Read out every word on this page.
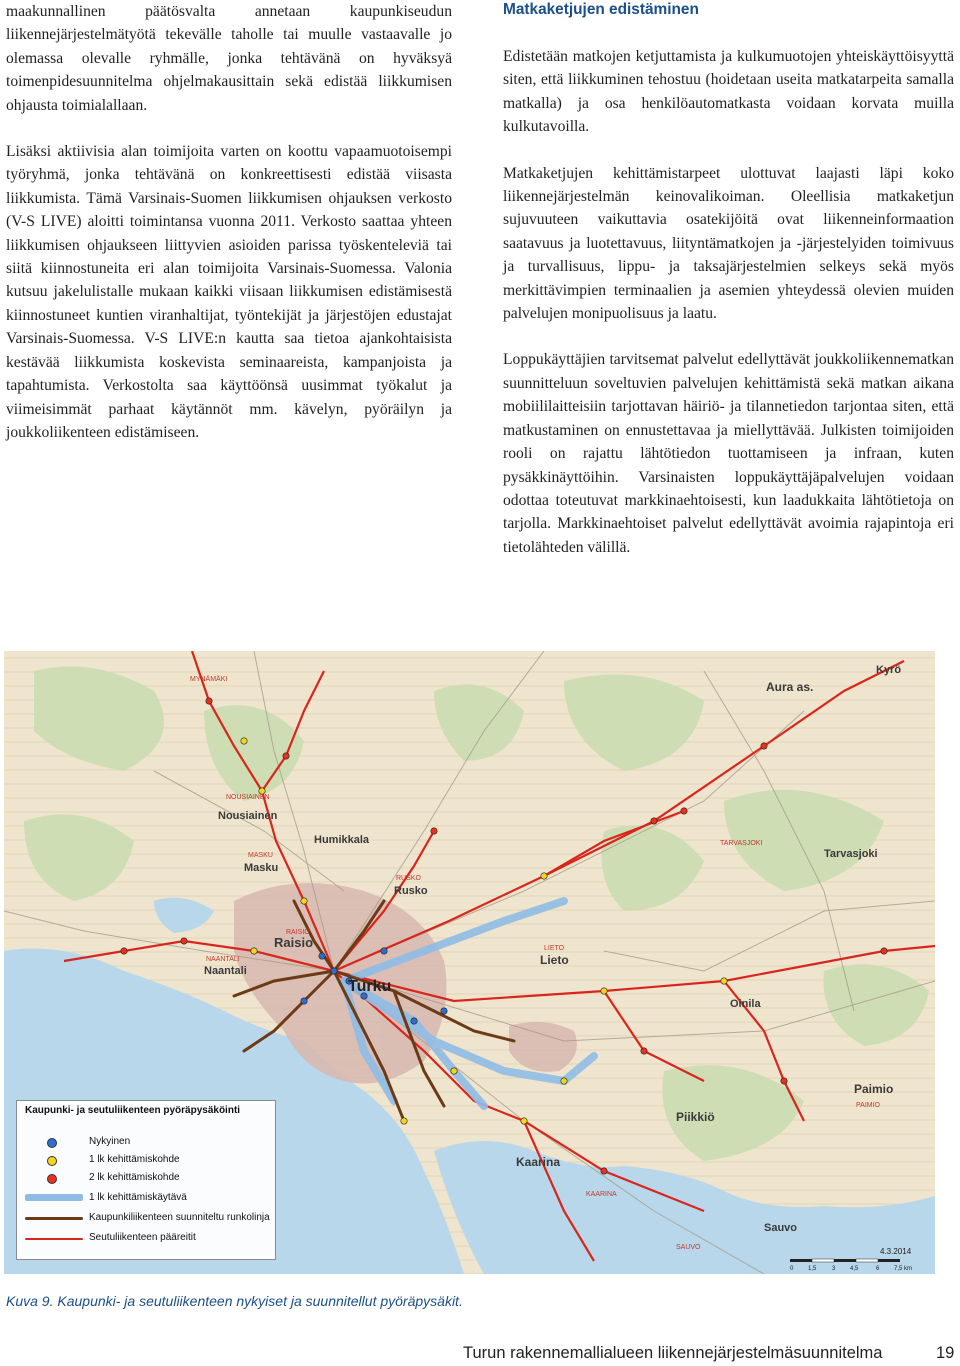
maakunnallinen päätösvalta annetaan kaupunkiseudun liikennejärjestelmätyötä tekevälle taholle tai muulle vastaavalle jo olemassa olevalle ryhmälle, jonka tehtävänä on hyväksyä toimenpidesuunnitelma ohjelmakausittain sekä edistää liikkumisen ohjausta toimialallaan.

Lisäksi aktiivisia alan toimijoita varten on koottu vapaamuotoisempi työryhmä, jonka tehtävänä on konkreettisesti edistää viisasta liikkumista. Tämä Varsinais-Suomen liikkumisen ohjauksen verkosto (V-S LIVE) aloitti toimintansa vuonna 2011. Verkosto saattaa yhteen liikkumisen ohjaukseen liittyvien asioiden parissa työskenteleviä tai siitä kiinnostuneita eri alan toimijoita Varsinais-Suomessa. Valonia kutsuu jakelulistalle mukaan kaikki viisaan liikkumisen edistämisestä kiinnostuneet kuntien viranhaltijat, työntekijät ja järjestöjen edustajat Varsinais-Suomessa. V-S LIVE:n kautta saa tietoa ajankohtaisista kestävää liikkumista koskevista seminaareista, kampanjoista ja tapahtumista. Verkostolta saa käyttöönsä uusimmat työkalut ja viimeisimmät parhaat käytännöt mm. kävelyn, pyöräilyn ja joukkoliikenteen edistämiseen.

Matkaketjujen edistäminen

Edistetään matkojen ketjuttamista ja kulkumuotojen yhteiskäyttöisyyttä siten, että liikkuminen tehostuu (hoidetaan useita matkatarpeita samalla matkalla) ja osa henkilöautomatkasta voidaan korvata muilla kulkutavoilla.

Matkaketjujen kehittämistarpeet ulottuvat laajasti läpi koko liikennejärjestelmän keinovalikoiman. Oleellisia matkaketjun sujuvuuteen vaikuttavia osatekijöitä ovat liikenneinformaation saatavuus ja luotettavuus, liityntämatkojen ja -järjestelyiden toimivuus ja turvallisuus, lippu- ja taksajärjestelmien selkeys sekä myös merkittävimpien terminaalien ja asemien yhteydessä olevien muiden palvelujen monipuolisuus ja laatu.

Loppukäyttäjien tarvitsemat palvelut edellyttävät joukkoliikennematkan suunnitteluun soveltuvien palvelujen kehittämistä sekä matkan aikana mobiililaitteisiin tarjottavan häiriö- ja tilannetiedon tarjontaa siten, että matkustaminen on ennustettavaa ja miellyttävää. Julkisten toimijoiden rooli on rajattu lähtötiedon tuottamiseen ja infraan, kuten pysäkkinäyttöihin. Varsinaisten loppukäyttäjäpalvelujen voidaan odottaa toteutuvat markkinaehtoisesti, kun laadukkaita lähtötietoja on tarjolla. Markkinaehtoiset palvelut edellyttävät avoimia rajapintoja eri tietolähteden välillä.

Nousiainen
NOUSIAINEN
Masku
MASKU
Humikkala
Rusko
RUSKO
Raisio
RAISIO
Naantali
NAANTALI	Lieto
LIETO
Aura as.
Kyrö
Paimio
PAIMIO
Piikkiö
Kaarina
KAARINA
Sauvo
SAUVO
Turku
Oinila
TARVASJOKI
MYNÄMÄKI
Tarvasjoki
Kaupunki- ja seutuliikenteen pyöräpysäköinti
Nykyinen
1 lk kehittämiskohde
2 lk kehittämiskohde
1 lk kehittämiskäytävä
Kaupunkiliikenteen suunniteltu runkolinja
Seutuliikenteen pääreitit
4.3.2014
0 1,5	3 4,5	6 7,5 km
Kuva 9. Kaupunki- ja seutuliikenteen nykyiset ja suunnitellut pyöräpysäkit.
Turun rakennemallialueen liikennejärjestelmäsuunnitelma	19
